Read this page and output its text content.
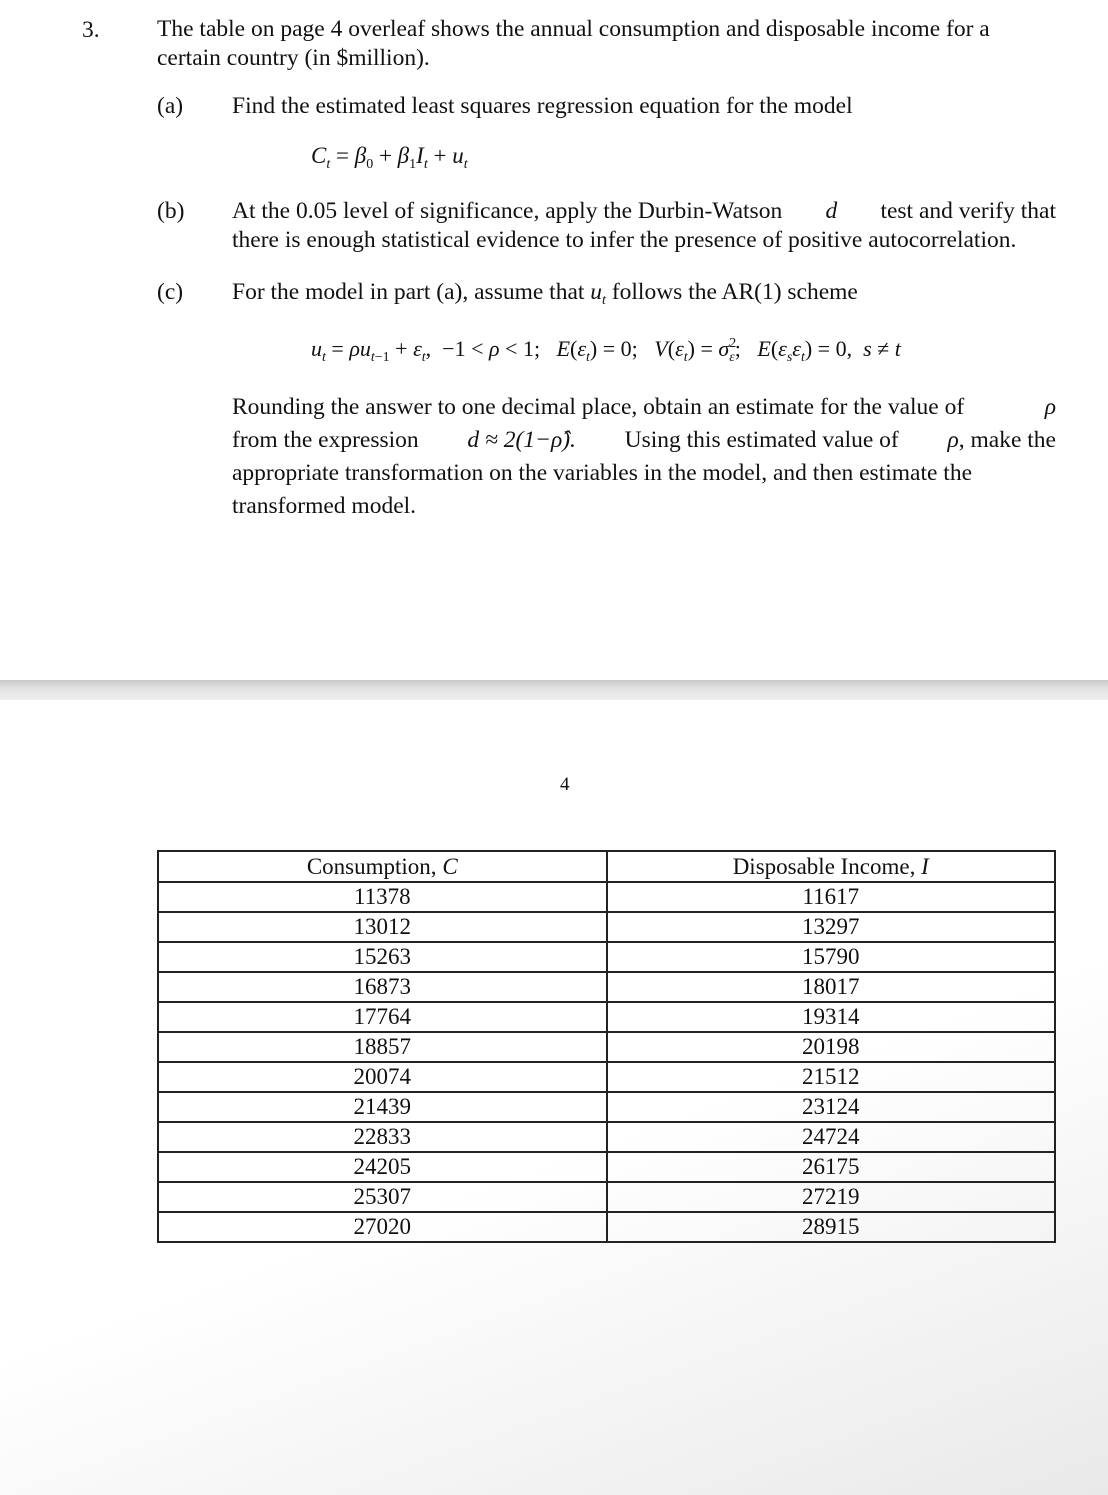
3. The table on page 4 overleaf shows the annual consumption and disposable income for a
certain country (in $million).
(a) Find the estimated least squares regression equation for the model
$C_t = \beta_0 + \beta_1I_t + u_t$
(b) At the 0.05 level of significance, apply the Durbin-Watson d test and verify that
there is enough statistical evidence to infer the presence of positive autocorrelation.
(c) For the model in part (a), assume that $u_t$ follows the AR(1) scheme
$u_t = \rho u_{t-1} + \varepsilon_t$,  −1 < ρ < 1;   $E(\varepsilon_t) = 0$;   $V(\varepsilon_t) = \sigma^2_\varepsilon$;   $E(\varepsilon_s\varepsilon_t) = 0$,  s ≠ t
Rounding the answer to one decimal place, obtain an estimate for the value of	ρ
from the expression d ≈ 2(1−ρ̂). Using this estimated value of ρ, make the
appropriate transformation on the variables in the model, and then estimate the
transformed model.
4
Consumption, C	Disposable Income, I
11378	11617
13012	13297
15263	15790
16873	18017
17764	19314
18857	20198
20074	21512
21439	23124
22833	24724
24205	26175
25307	27219
27020	28915
